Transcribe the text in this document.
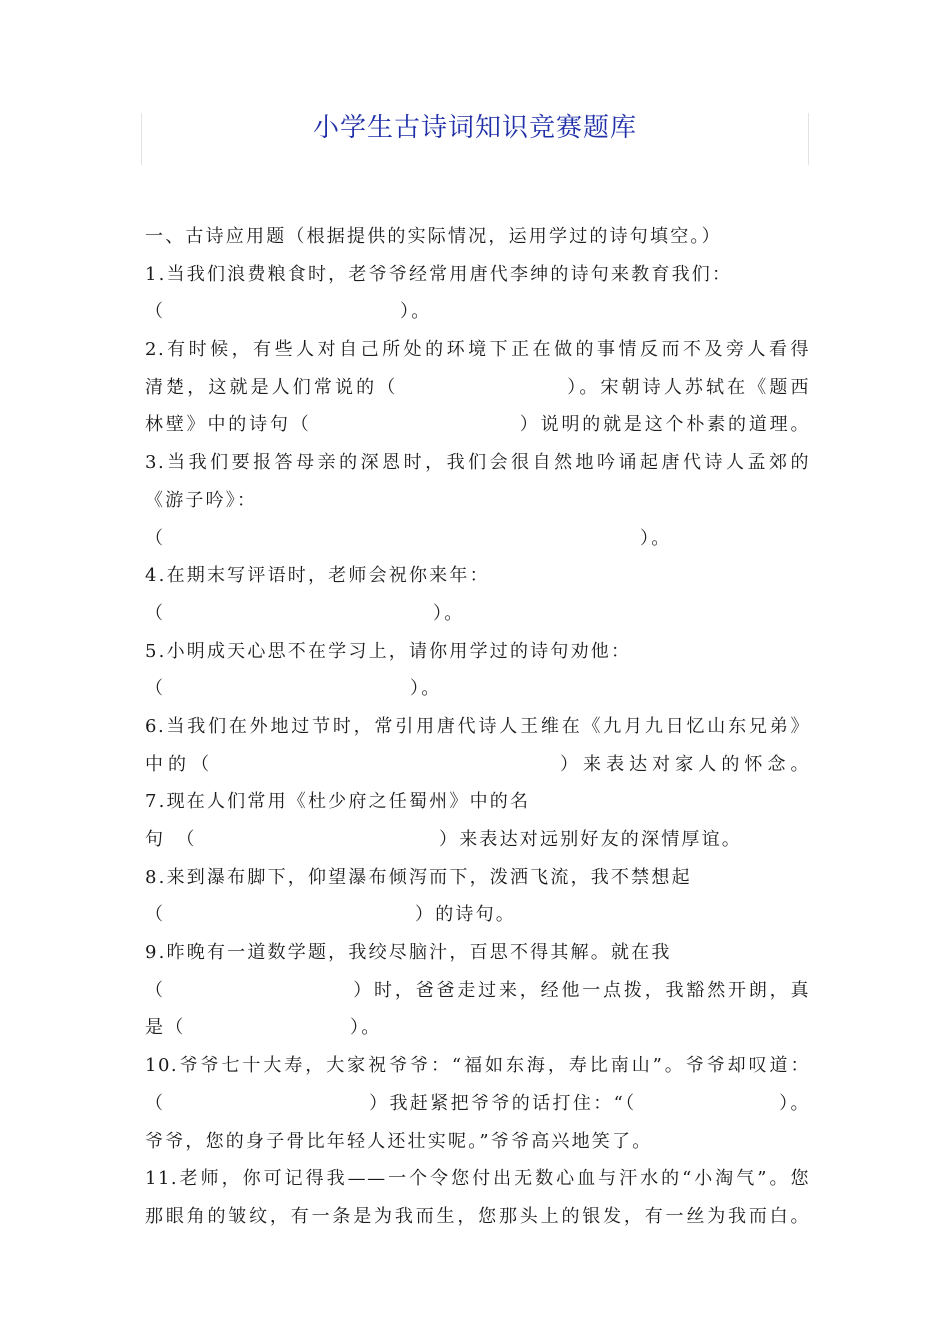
小学生古诗词知识竞赛题库
一、古诗应用题（根据提供的实际情况，运用学过的诗句填空。）
1.当我们浪费粮食时，老爷爷经常用唐代李绅的诗句来教育我们：
（	）。
2.有时候，有些人对自己所处的环境下正在做的事情反而不及旁人看得
清楚，这就是人们常说的（　　　　　　　　）。宋朝诗人苏轼在《题西
林壁》中的诗句（　　　　　　　　　　）说明的就是这个朴素的道理。
3.当我们要报答母亲的深恩时，我们会很自然地吟诵起唐代诗人孟郊的
《游子吟》：
（	）。
4.在期末写评语时，老师会祝你来年：
（	）。
5.小明成天心思不在学习上，请你用学过的诗句劝他：
（	）。
6.当我们在外地过节时，常引用唐代诗人王维在《九月九日忆山东兄弟》
中的（　　　　　　　　　　　　　　　）来表达对家人的怀念。
7.现在人们常用《杜少府之任蜀州》中的名
句　（　　　　　　　　　　　　）来表达对远别好友的深情厚谊。
8.来到瀑布脚下，仰望瀑布倾泻而下，泼洒飞流，我不禁想起
（	）的诗句。
9.昨晚有一道数学题，我绞尽脑汁，百思不得其解。就在我
（　　　　　　　　　）时，爸爸走过来，经他一点拨，我豁然开朗，真
是（	）。
10.爷爷七十大寿，大家祝爷爷：“福如东海，寿比南山”。爷爷却叹道：
（　　　　　　　　　　）我赶紧把爷爷的话打住：“（　　　　　　　）。
爷爷，您的身子骨比年轻人还壮实呢。”爷爷高兴地笑了。
11.老师，你可记得我——一个令您付出无数心血与汗水的“小淘气”。您
那眼角的皱纹，有一条是为我而生，您那头上的银发，有一丝为我而白。
